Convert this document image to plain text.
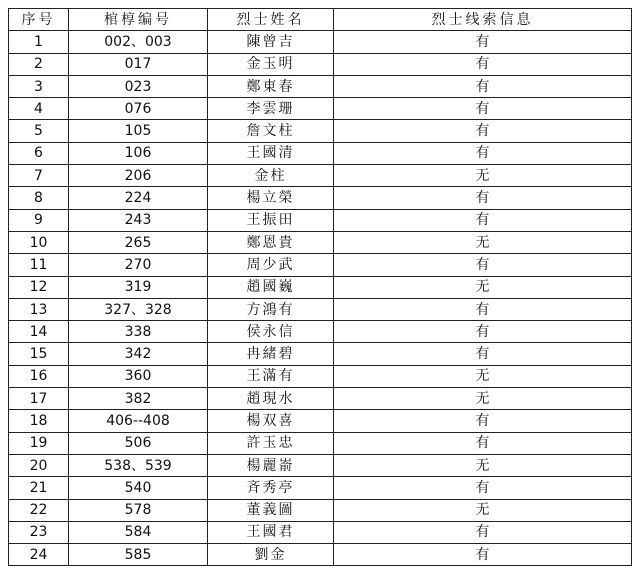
序号	棺椁编号	烈士姓名	烈士线索信息
1	002、003	陳曾吉	有
2	017	金玉明	有
3	023	鄭東春	有
4	076	李雲珊	有
5	105	詹文柱	有
6	106	王國清	有
7	206	金柱	无
8	224	楊立榮	有
9	243	王振田	有
10	265	鄭恩貴	无
11	270	周少武	有
12	319	趙國巍	无
13	327、328	方鴻有	有
14	338	侯永信	有
15	342	冉緒碧	有
16	360	王滿有	无
17	382	趙現水	无
18	406--408	楊双喜	有
19	506	許玉忠	有
20	538、539	楊麗嵛	无
21	540	斉秀亭	有
22	578	董義圖	无
23	584	王國君	有
24	585	劉金	有
